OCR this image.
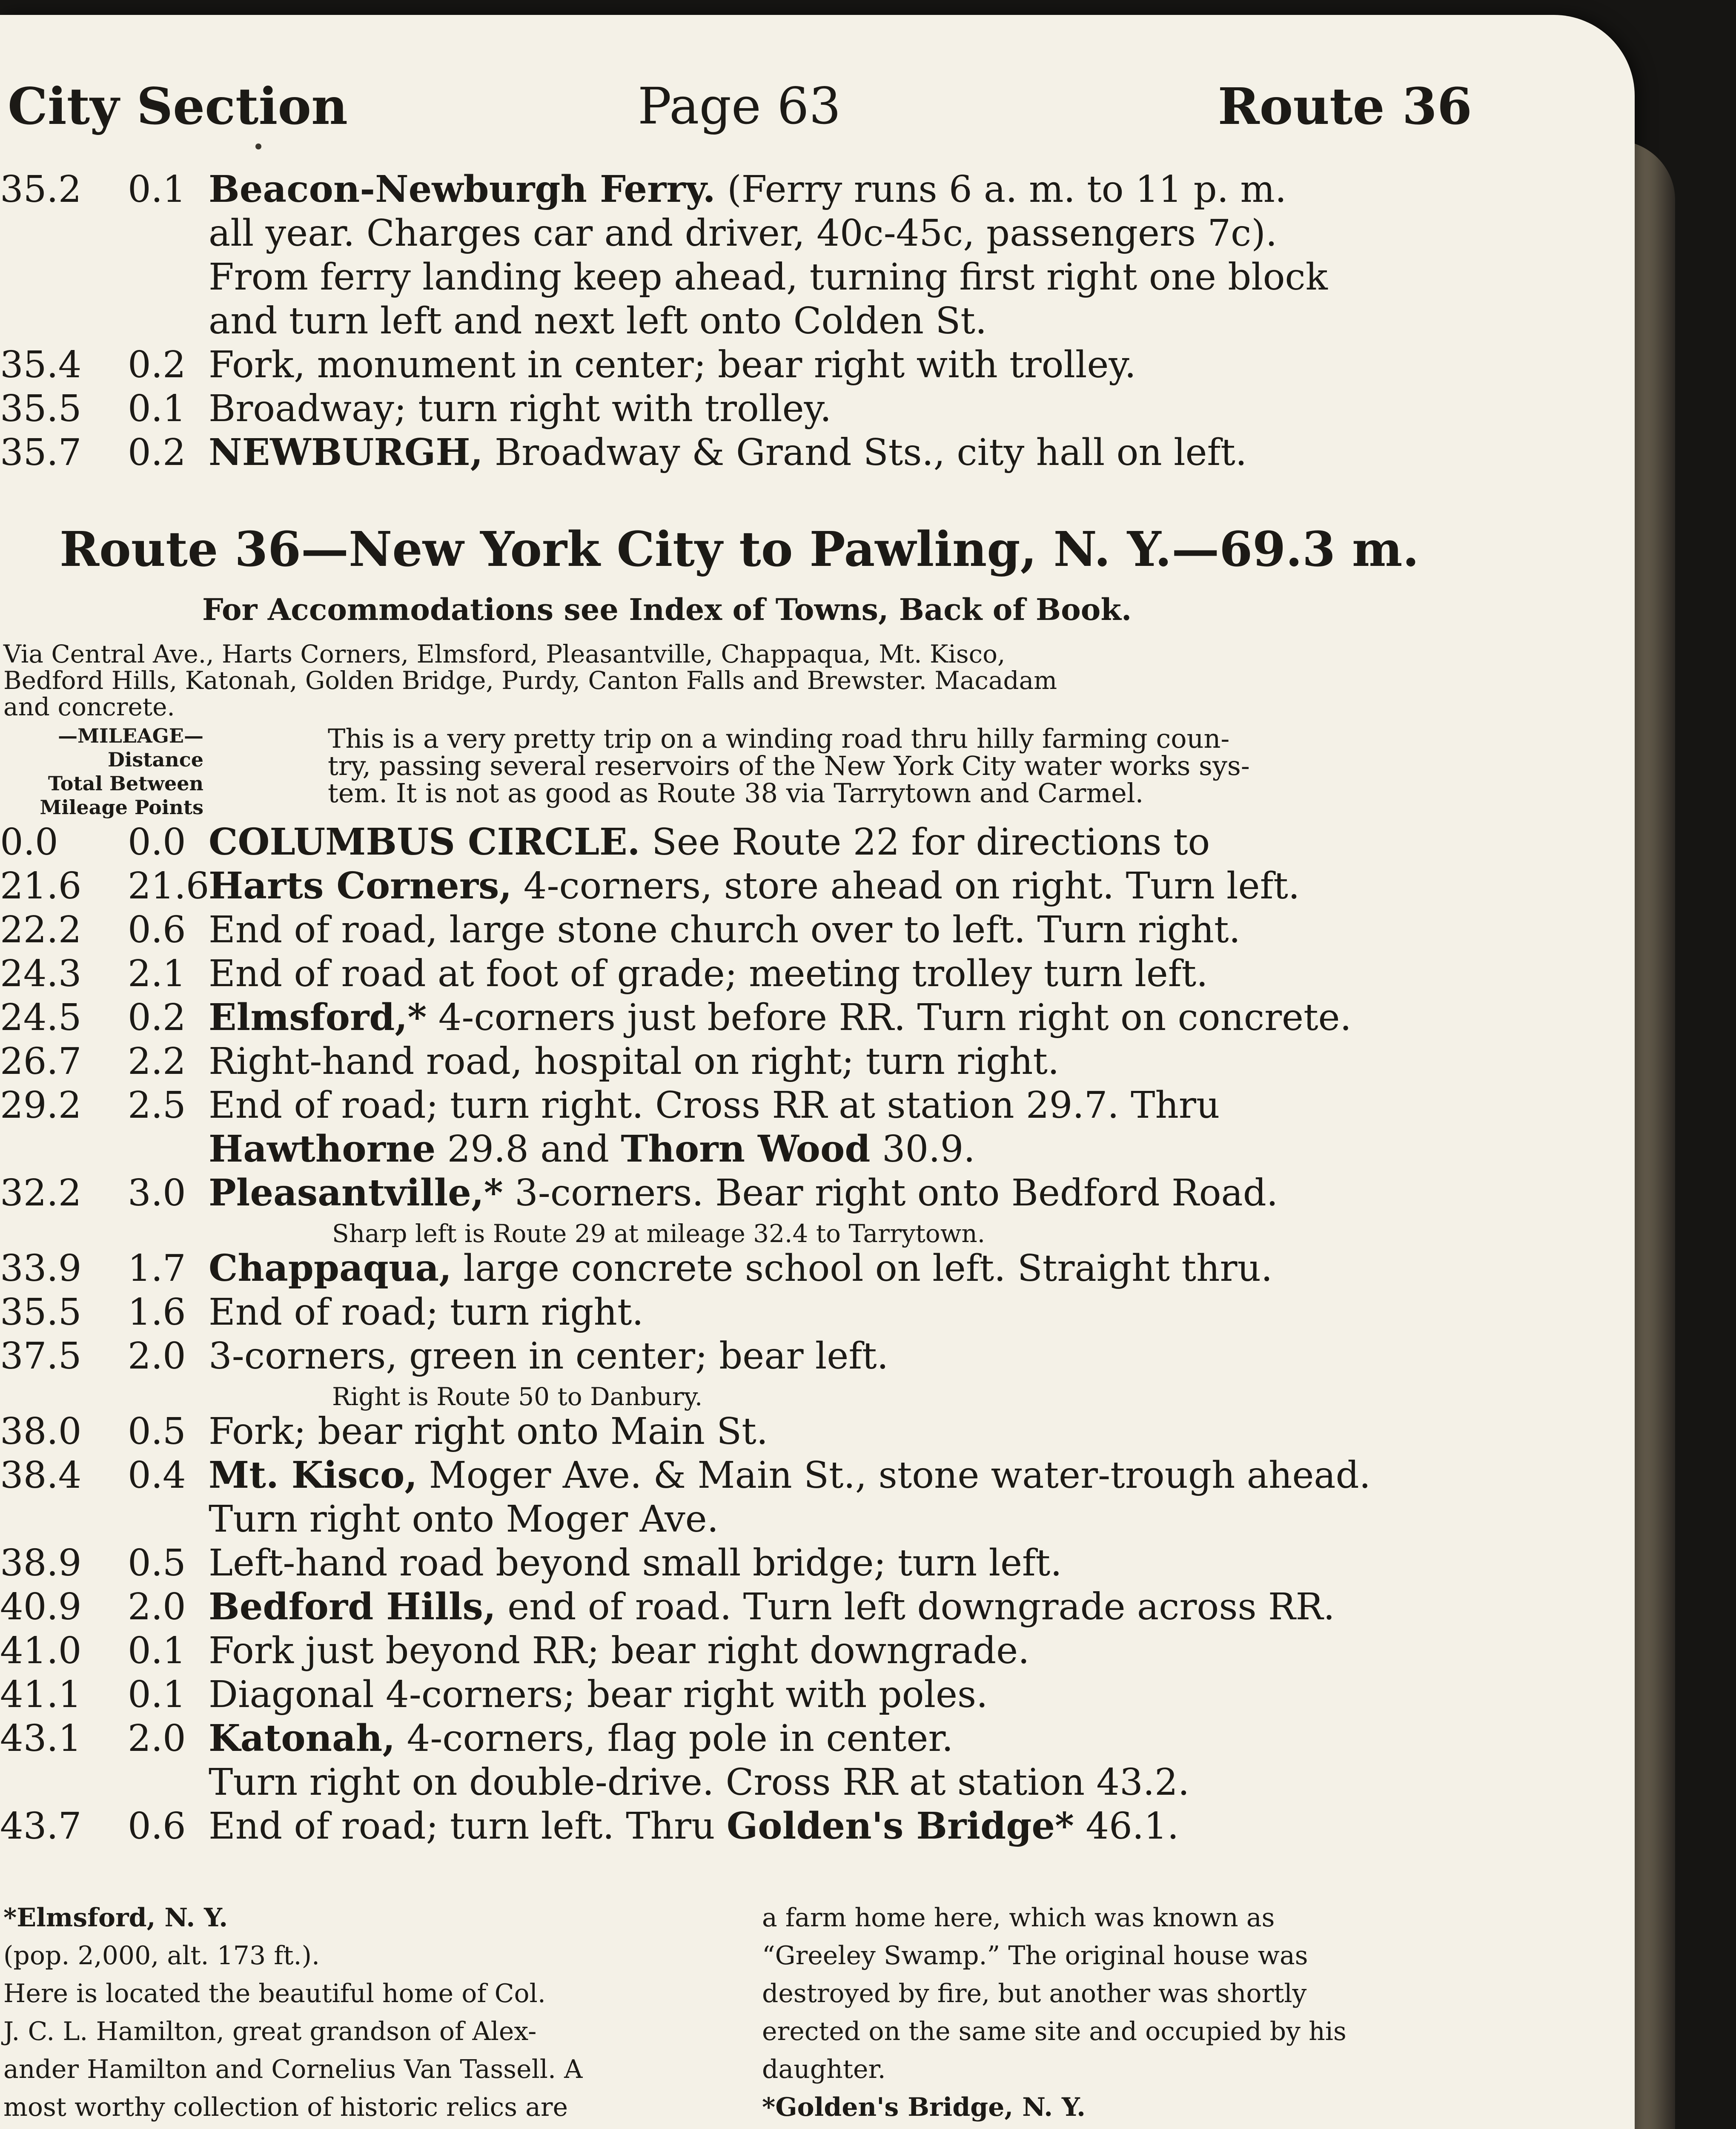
City Section	Page 63	Route 36
35.2 0.1 Beacon-Newburgh Ferry. (Ferry runs 6 a. m. to 11 p. m.
all year. Charges car and driver, 40c-45c, passengers 7c).
From ferry landing keep ahead, turning first right one block
and turn left and next left onto Colden St.
35.4 0.2 Fork, monument in center; bear right with trolley.
35.5 0.1 Broadway; turn right with trolley.
35.7 0.2 NEWBURGH, Broadway & Grand Sts., city hall on left.
Route 36—New York City to Pawling, N. Y.—69.3 m.
For Accommodations see Index of Towns, Back of Book.
Via Central Ave., Harts Corners, Elmsford, Pleasantville, Chappaqua, Mt. Kisco,
Bedford Hills, Katonah, Golden Bridge, Purdy, Canton Falls and Brewster. Macadam
and concrete.
—MILEAGE—
Distance
Total Between
Mileage Points
This is a very pretty trip on a winding road thru hilly farming coun-
try, passing several reservoirs of the New York City water works sys-
tem. It is not as good as Route 38 via Tarrytown and Carmel.
0.0 0.0 COLUMBUS CIRCLE. See Route 22 for directions to
21.6 21.6
Harts Corners, 4-corners, store ahead on right. Turn left.
22.2 0.6 End of road, large stone church over to left. Turn right.
24.3 2.1 End of road at foot of grade; meeting trolley turn left.
24.5 0.2 Elmsford,* 4-corners just before RR. Turn right on concrete.
26.7 2.2 Right-hand road, hospital on right; turn right.
29.2 2.5 End of road; turn right. Cross RR at station 29.7. Thru
Hawthorne 29.8 and Thorn Wood 30.9.
32.2 3.0 Pleasantville,* 3-corners. Bear right onto Bedford Road.
Sharp left is Route 29 at mileage 32.4 to Tarrytown.
33.9 1.7 Chappaqua, large concrete school on left. Straight thru.
35.5 1.6 End of road; turn right.
37.5 2.0 3-corners, green in center; bear left.
Right is Route 50 to Danbury.
38.0 0.5 Fork; bear right onto Main St.
38.4 0.4 Mt. Kisco, Moger Ave. & Main St., stone water-trough ahead.
Turn right onto Moger Ave.
38.9 0.5 Left-hand road beyond small bridge; turn left.
40.9 2.0 Bedford Hills, end of road. Turn left downgrade across RR.
41.0 0.1 Fork just beyond RR; bear right downgrade.
41.1 0.1 Diagonal 4-corners; bear right with poles.
43.1 2.0 Katonah, 4-corners, flag pole in center.
Turn right on double-drive. Cross RR at station 43.2.
43.7 0.6 End of road; turn left. Thru Golden's Bridge* 46.1.
*Elmsford, N. Y.
(pop. 2,000, alt. 173 ft.).
Here is located the beautiful home of Col.
J. C. L. Hamilton, great grandson of Alex-
ander Hamilton and Cornelius Van Tassell. A
most worthy collection of historic relics are
a farm home here, which was known as
“Greeley Swamp.” The original house was
destroyed by fire, but another was shortly
erected on the same site and occupied by his
daughter.
*Golden's Bridge, N. Y.
